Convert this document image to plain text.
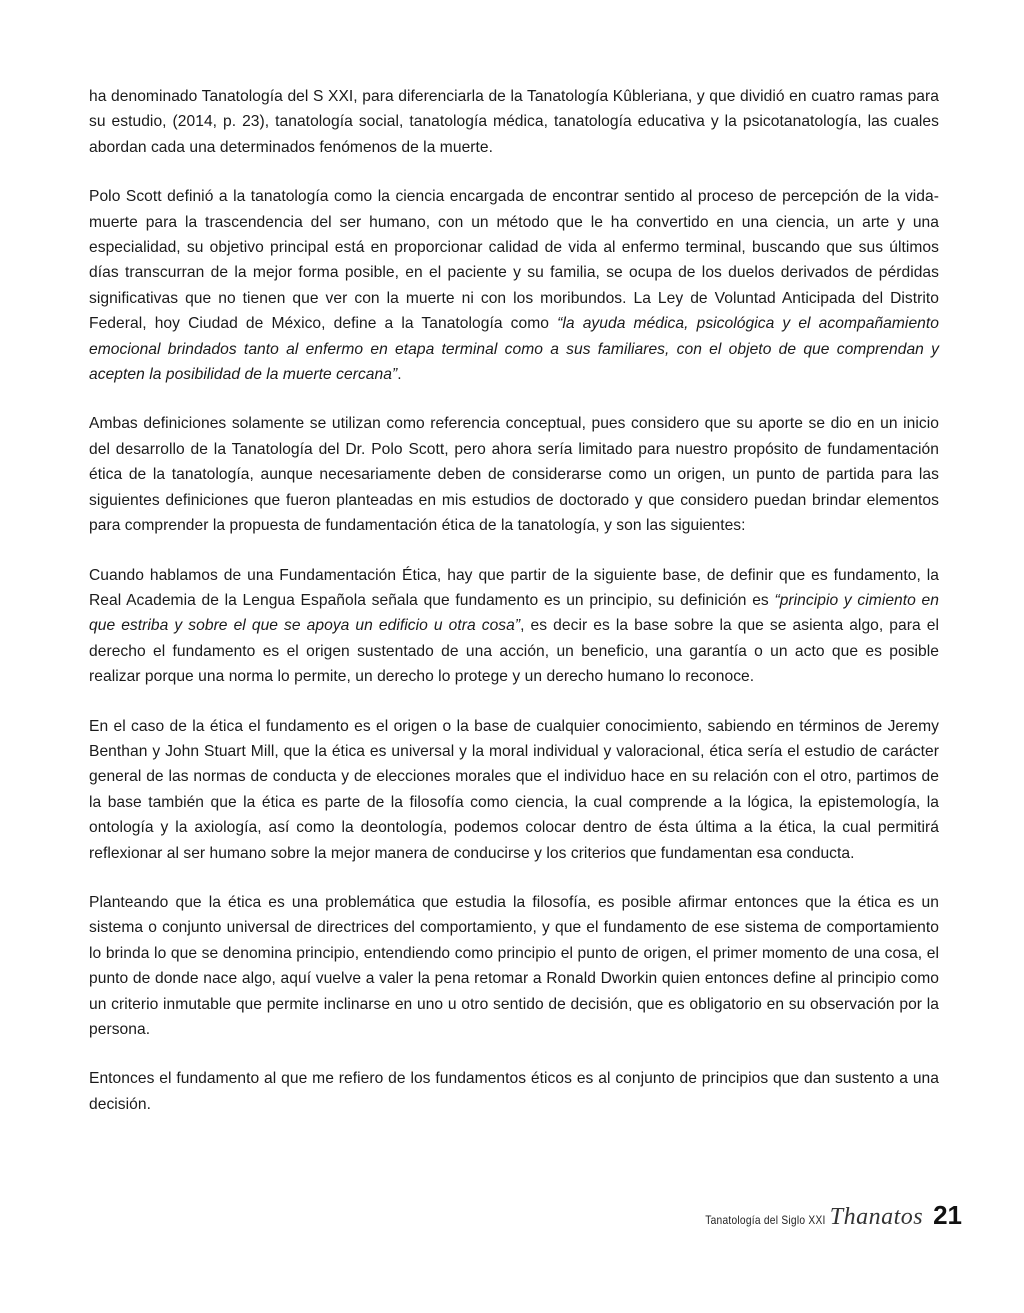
ha denominado Tanatología del S XXI, para diferenciarla de la Tanatología Kûbleriana, y que dividió en cuatro ramas para su estudio, (2014, p. 23), tanatología social, tanatología médica, tanatología educativa y la psicotanatología, las cuales abordan cada una determinados fenómenos de la muerte.

Polo Scott definió a la tanatología como la ciencia encargada de encontrar sentido al proceso de percepción de la vida-muerte para la trascendencia del ser humano, con un método que le ha convertido en una ciencia, un arte y una especialidad, su objetivo principal está en proporcionar calidad de vida al enfermo terminal, buscando que sus últimos días transcurran de la mejor forma posible, en el paciente y su familia, se ocupa de los duelos derivados de pérdidas significativas que no tienen que ver con la muerte ni con los moribundos. La Ley de Voluntad Anticipada del Distrito Federal, hoy Ciudad de México, define a la Tanatología como “la ayuda médica, psicológica y el acompañamiento emocional brindados tanto al enfermo en etapa terminal como a sus familiares, con el objeto de que comprendan y acepten la posibilidad de la muerte cercana”.

Ambas definiciones solamente se utilizan como referencia conceptual, pues considero que su aporte se dio en un inicio del desarrollo de la Tanatología del Dr. Polo Scott, pero ahora sería limitado para nuestro propósito de fundamentación ética de la tanatología, aunque necesariamente deben de considerarse como un origen, un punto de partida para las siguientes definiciones que fueron planteadas en mis estudios de doctorado y que considero puedan brindar elementos para comprender la propuesta de fundamentación ética de la tanatología, y son las siguientes:

Cuando hablamos de una Fundamentación Ética, hay que partir de la siguiente base, de definir que es fundamento, la Real Academia de la Lengua Española señala que fundamento es un principio, su definición es “principio y cimiento en que estriba y sobre el que se apoya un edificio u otra cosa”, es decir es la base sobre la que se asienta algo, para el derecho el fundamento es el origen sustentado de una acción, un beneficio, una garantía o un acto que es posible realizar porque una norma lo permite, un derecho lo protege y un derecho humano lo reconoce.

En el caso de la ética el fundamento es el origen o la base de cualquier conocimiento, sabiendo en términos de Jeremy Benthan y John Stuart Mill, que la ética es universal y la moral individual y valoracional, ética sería el estudio de carácter general de las normas de conducta y de elecciones morales que el individuo hace en su relación con el otro, partimos de la base también que la ética es parte de la filosofía como ciencia, la cual comprende a la lógica, la epistemología, la ontología y la axiología, así como la deontología, podemos colocar dentro de ésta última a la ética, la cual permitirá reflexionar al ser humano sobre la mejor manera de conducirse y los criterios que fundamentan esa conducta.

Planteando que la ética es una problemática que estudia la filosofía, es posible afirmar entonces que la ética es un sistema o conjunto universal de directrices del comportamiento, y que el fundamento de ese sistema de comportamiento lo brinda lo que se denomina principio, entendiendo como principio el punto de origen, el primer momento de una cosa, el punto de donde nace algo, aquí vuelve a valer la pena retomar a Ronald Dworkin quien entonces define al principio como un criterio inmutable que permite inclinarse en uno u otro sentido de decisión, que es obligatorio en su observación por la persona.

Entonces el fundamento al que me refiero de los fundamentos éticos es al conjunto de principios que dan sustento a una decisión.

Tanatología del Siglo XXI Thanatos 21
